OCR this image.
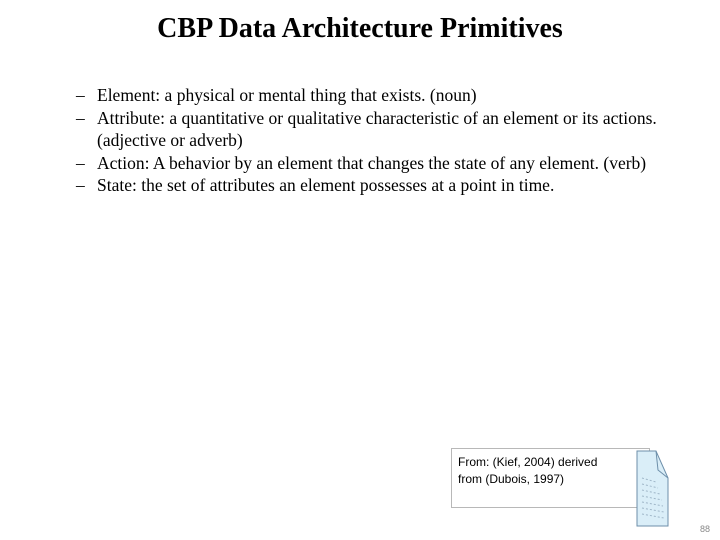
CBP Data Architecture Primitives
– Element: a physical or mental thing that exists. (noun)
– Attribute: a quantitative or qualitative characteristic of an element or its actions. (adjective or adverb)
– Action: A behavior by an element that changes the state of any element. (verb)
– State: the set of attributes an element possesses at a point in time.
From: (Kief, 2004) derived
from (Dubois, 1997)
88
